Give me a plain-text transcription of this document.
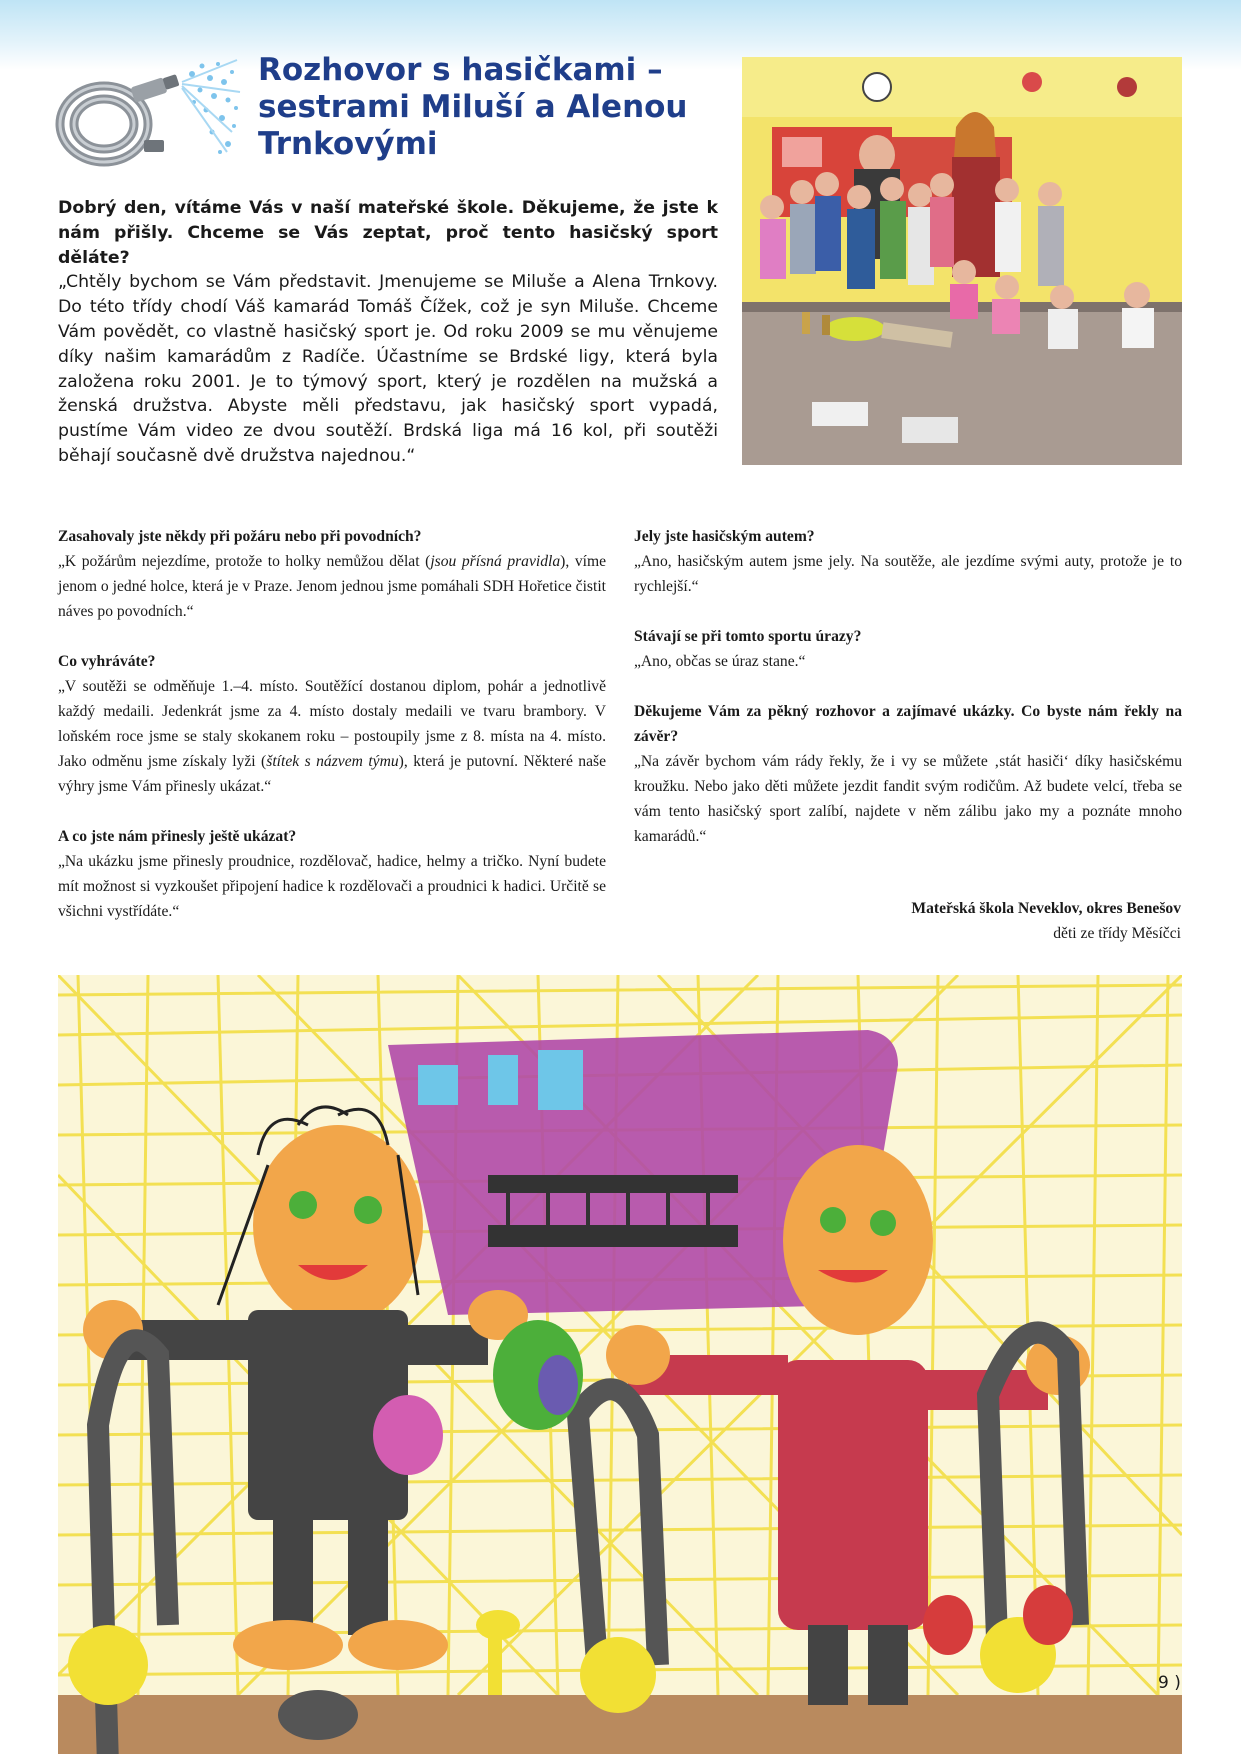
Rozhovor s hasičkami –
sestrami Miluší a Alenou
Trnkovými

Dobrý den, vítáme Vás v naší mateřské škole. Děkujeme, že jste k nám přišly. Chceme se Vás zeptat, proč tento hasičský sport děláte?

„Chtěly bychom se Vám představit. Jmenujeme se Miluše a Alena Trnkovy. Do této třídy chodí Váš kamarád Tomáš Čížek, což je syn Miluše. Chceme Vám povědět, co vlastně hasičský sport je. Od roku 2009 se mu věnujeme díky našim kamarádům z Radíče. Účastníme se Brdské ligy, která byla založena roku 2001. Je to týmový sport, který je rozdělen na mužská a ženská družstva. Abyste měli představu, jak hasičský sport vypadá, pustíme Vám video ze dvou soutěží. Brdská liga má 16 kol, při soutěži běhají současně dvě družstva najednou.“

Zasahovaly jste někdy při požáru nebo při povodních?
„K požárům nejezdíme, protože to holky nemůžou dělat (jsou přísná pravidla), víme jenom o jedné holce, která je v Praze. Jenom jednou jsme pomáhali SDH Hořetice čistit náves po povodních.“

Co vyhráváte?
„V soutěži se odměňuje 1.–4. místo. Soutěžící dostanou diplom, pohár a jednotlivě každý medaili. Jedenkrát jsme za 4. místo dostaly medaili ve tvaru brambory. V loňském roce jsme se staly skokanem roku – postoupily jsme z 8. místa na 4. místo. Jako odměnu jsme získaly lyži (štítek s názvem týmu), která je putovní. Některé naše výhry jsme Vám přinesly ukázat.“

A co jste nám přinesly ještě ukázat?
„Na ukázku jsme přinesly proudnice, rozdělovač, hadice, helmy a tričko. Nyní budete mít možnost si vyzkoušet připojení hadice k rozdělovači a proudnici k hadici. Určitě se všichni vystřídáte.“

Jely jste hasičským autem?
„Ano, hasičským autem jsme jely. Na soutěže, ale jezdíme svými auty, protože je to rychlejší.“

Stávají se při tomto sportu úrazy?
„Ano, občas se úraz stane.“

Děkujeme Vám za pěkný rozhovor a zajímavé ukázky. Co byste nám řekly na závěr?
„Na závěr bychom vám rády řekly, že i vy se můžete ‚stát hasiči‘ díky hasičskému kroužku. Nebo jako děti můžete jezdit fandit svým rodičům. Až budete velcí, třeba se vám tento hasičský sport zalíbí, najdete v něm zálibu jako my a poznáte mnoho kamarádů.“

Mateřská škola Neveklov, okres Benešov
děti ze třídy Měsíčci
9 )
